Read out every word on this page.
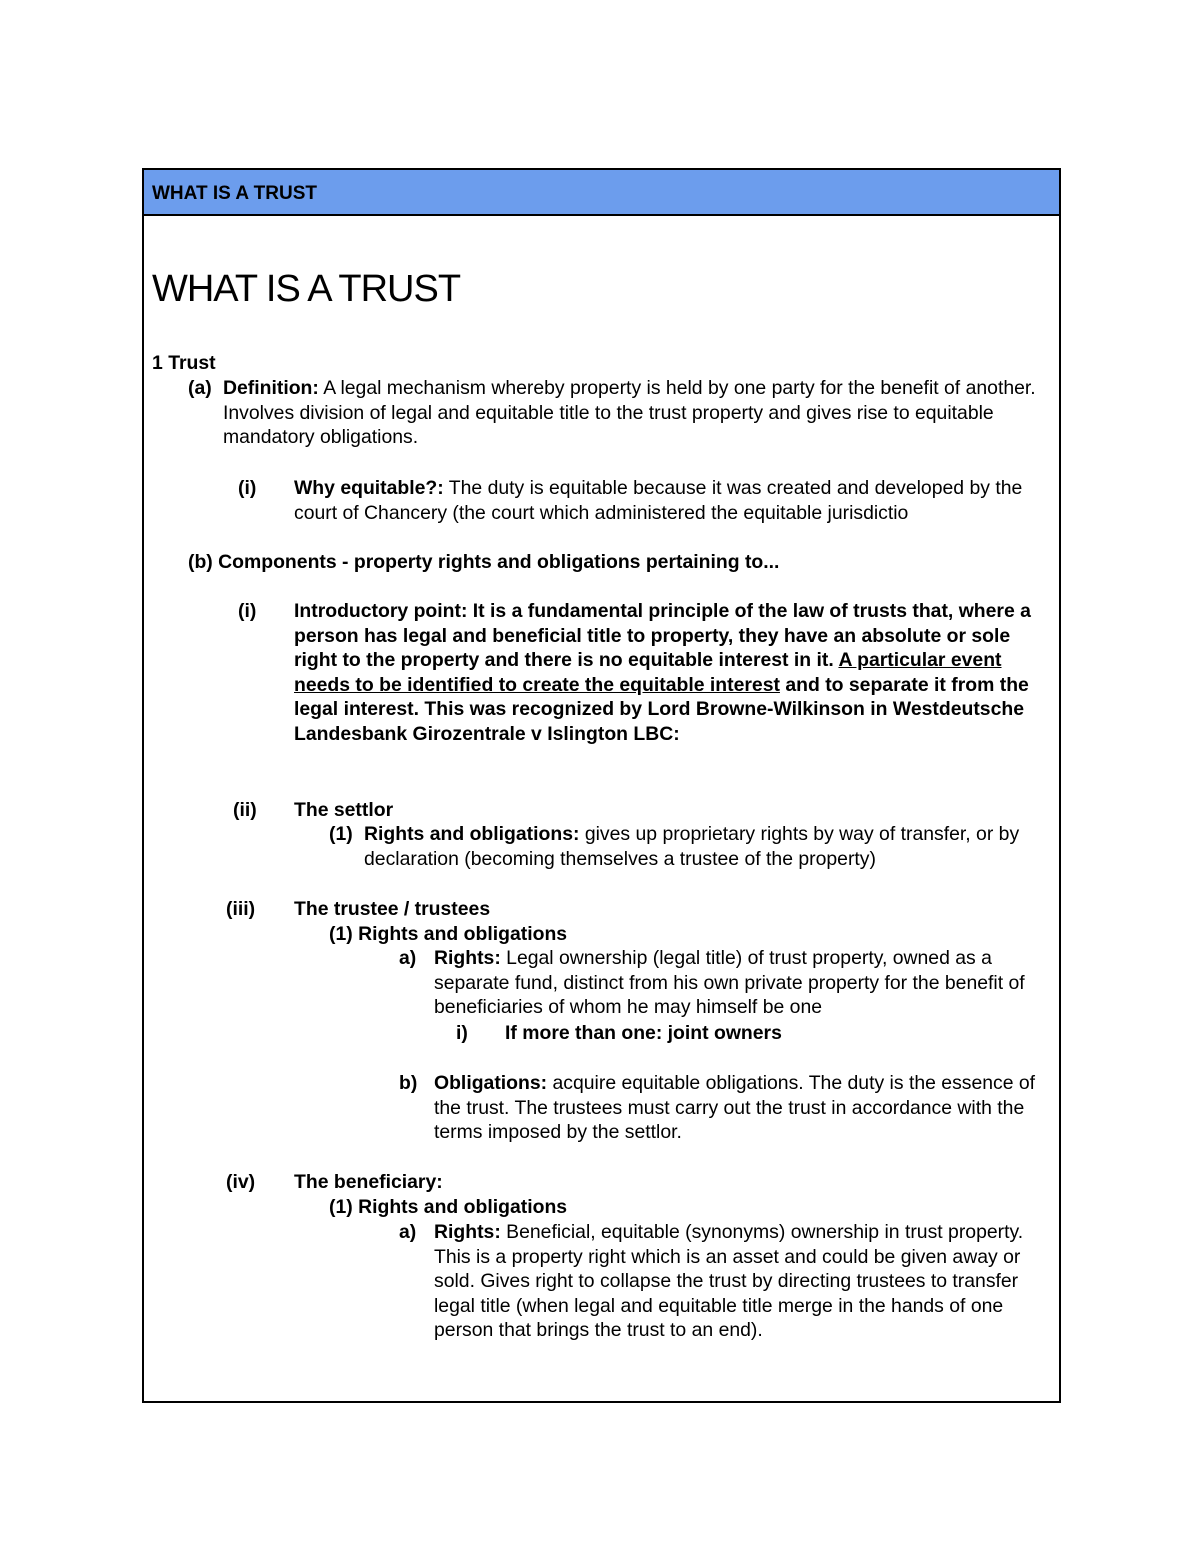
WHAT IS A TRUST
WHAT IS A TRUST
1 Trust
(a) Definition: A legal mechanism whereby property is held by one party for the benefit of another. Involves division of legal and equitable title to the trust property and gives rise to equitable mandatory obligations.
(i) Why equitable?: The duty is equitable because it was created and developed by the court of Chancery (the court which administered the equitable jurisdictio
(b) Components - property rights and obligations pertaining to...
(i) Introductory point: It is a fundamental principle of the law of trusts that, where a person has legal and beneficial title to property, they have an absolute or sole right to the property and there is no equitable interest in it. A particular event needs to be identified to create the equitable interest and to separate it from the legal interest. This was recognized by Lord Browne-Wilkinson in Westdeutsche Landesbank Girozentrale v Islington LBC:
(ii) The settlor
(1) Rights and obligations: gives up proprietary rights by way of transfer, or by declaration (becoming themselves a trustee of the property)
(iii) The trustee / trustees
(1) Rights and obligations
a) Rights: Legal ownership (legal title) of trust property, owned as a separate fund, distinct from his own private property for the benefit of beneficiaries of whom he may himself be one
i) If more than one: joint owners
b) Obligations: acquire equitable obligations. The duty is the essence of the trust. The trustees must carry out the trust in accordance with the terms imposed by the settlor.
(iv) The beneficiary:
(1) Rights and obligations
a) Rights: Beneficial, equitable (synonyms) ownership in trust property. This is a property right which is an asset and could be given away or sold. Gives right to collapse the trust by directing trustees to transfer legal title (when legal and equitable title merge in the hands of one person that brings the trust to an end).
